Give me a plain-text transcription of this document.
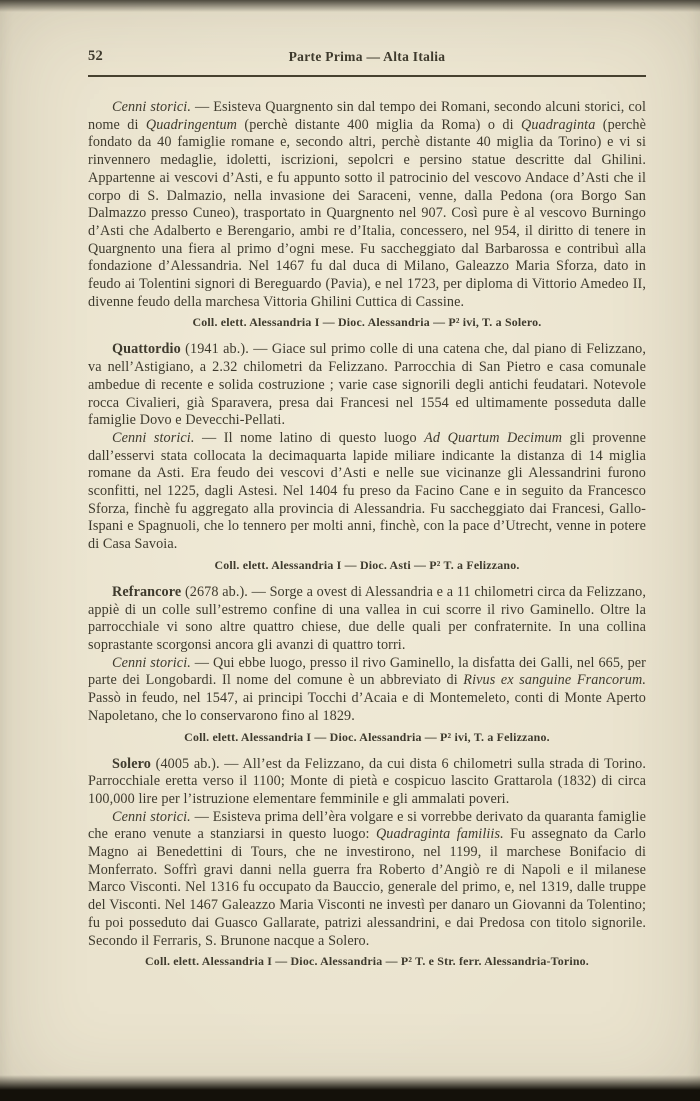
52	Parte Prima — Alta Italia

Cenni storici. — Esisteva Quargnento sin dal tempo dei Romani, secondo alcuni storici, col nome di Quadringentum (perchè distante 400 miglia da Roma) o di Quadraginta (perchè fondato da 40 famiglie romane e, secondo altri, perchè distante 40 miglia da Torino) e vi si rinvennero medaglie, idoletti, iscrizioni, sepolcri e persino statue descritte dal Ghilini. Appartenne ai vescovi d’Asti, e fu appunto sotto il patrocinio del vescovo Andace d’Asti che il corpo di S. Dalmazio, nella invasione dei Saraceni, venne, dalla Pedona (ora Borgo San Dalmazzo presso Cuneo), trasportato in Quargnento nel 907. Così pure è al vescovo Burningo d’Asti che Adalberto e Berengario, ambi re d’Italia, concessero, nel 954, il diritto di tenere in Quargnento una fiera al primo d’ogni mese. Fu saccheggiato dal Barbarossa e contribuì alla fondazione d’Alessandria. Nel 1467 fu dal duca di Milano, Galeazzo Maria Sforza, dato in feudo ai Tolentini signori di Bereguardo (Pavia), e nel 1723, per diploma di Vittorio Amedeo II, divenne feudo della marchesa Vittoria Ghilini Cuttica di Cassine.

Coll. elett. Alessandria I — Dioc. Alessandria — P² ivi, T. a Solero.

Quattordio (1941 ab.). — Giace sul primo colle di una catena che, dal piano di Felizzano, va nell’Astigiano, a 2.32 chilometri da Felizzano. Parrocchia di San Pietro e casa comunale ambedue di recente e solida costruzione ; varie case signorili degli antichi feudatari. Notevole rocca Civalieri, già Sparavera, presa dai Francesi nel 1554 ed ultimamente posseduta dalle famiglie Dovo e Devecchi-Pellati.

Cenni storici. — Il nome latino di questo luogo Ad Quartum Decimum gli provenne dall’esservi stata collocata la decimaquarta lapide miliare indicante la distanza di 14 miglia romane da Asti. Era feudo dei vescovi d’Asti e nelle sue vicinanze gli Alessandrini furono sconfitti, nel 1225, dagli Astesi. Nel 1404 fu preso da Facino Cane e in seguito da Francesco Sforza, finchè fu aggregato alla provincia di Alessandria. Fu saccheggiato dai Francesi, Gallo-Ispani e Spagnuoli, che lo tennero per molti anni, finchè, con la pace d’Utrecht, venne in potere di Casa Savoia.

Coll. elett. Alessandria I — Dioc. Asti — P² T. a Felizzano.

Refrancore (2678 ab.). — Sorge a ovest di Alessandria e a 11 chilometri circa da Felizzano, appiè di un colle sull’estremo confine di una vallea in cui scorre il rivo Gaminello. Oltre la parrocchiale vi sono altre quattro chiese, due delle quali per confraternite. In una collina soprastante scorgonsi ancora gli avanzi di quattro torri.

Cenni storici. — Qui ebbe luogo, presso il rivo Gaminello, la disfatta dei Galli, nel 665, per parte dei Longobardi. Il nome del comune è un abbreviato di Rivus ex sanguine Francorum. Passò in feudo, nel 1547, ai principi Tocchi d’Acaia e di Montemeleto, conti di Monte Aperto Napoletano, che lo conservarono fino al 1829.

Coll. elett. Alessandria I — Dioc. Alessandria — P² ivi, T. a Felizzano.

Solero (4005 ab.). — All’est da Felizzano, da cui dista 6 chilometri sulla strada di Torino. Parrocchiale eretta verso il 1100; Monte di pietà e cospicuo lascito Grattarola (1832) di circa 100,000 lire per l’istruzione elementare femminile e gli ammalati poveri.

Cenni storici. — Esisteva prima dell’èra volgare e si vorrebbe derivato da quaranta famiglie che erano venute a stanziarsi in questo luogo: Quadraginta familiis. Fu assegnato da Carlo Magno ai Benedettini di Tours, che ne investirono, nel 1199, il marchese Bonifacio di Monferrato. Soffrì gravi danni nella guerra fra Roberto d’Angiò re di Napoli e il milanese Marco Visconti. Nel 1316 fu occupato da Bauccio, generale del primo, e, nel 1319, dalle truppe del Visconti. Nel 1467 Galeazzo Maria Visconti ne investì per danaro un Giovanni da Tolentino; fu poi posseduto dai Guasco Gallarate, patrizi alessandrini, e dai Predosa con titolo signorile. Secondo il Ferraris, S. Brunone nacque a Solero.

Coll. elett. Alessandria I — Dioc. Alessandria — P² T. e Str. ferr. Alessandria-Torino.
